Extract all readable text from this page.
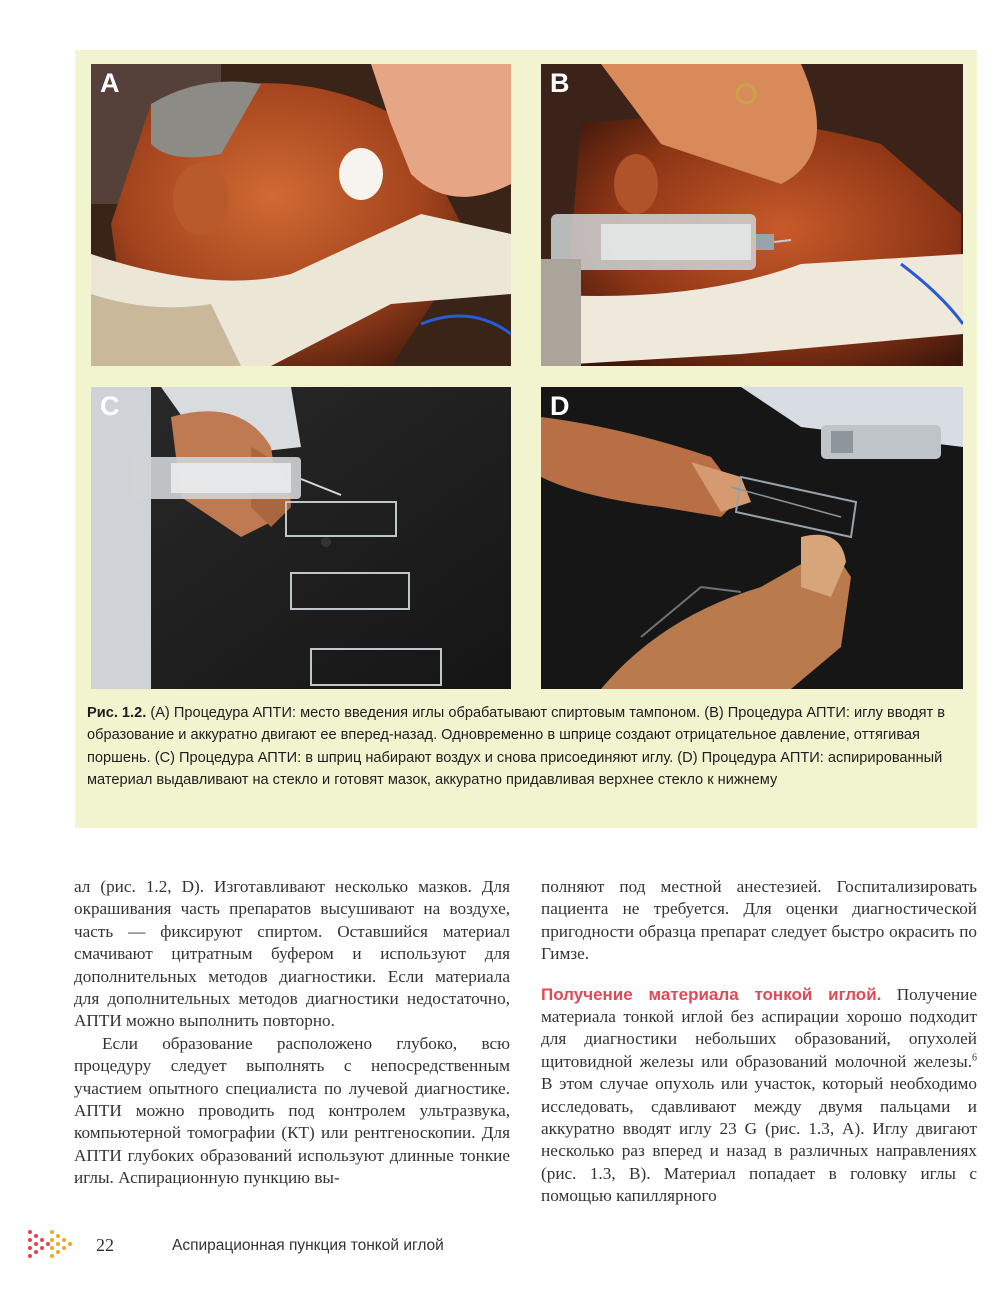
A	B
C	D
Рис. 1.2. (А) Процедура АПТИ: место введения иглы обрабатывают спиртовым тампоном. (В) Процедура АПТИ: иглу вводят в образование и аккуратно двигают ее вперед-назад. Одновременно в шприце создают отрицательное давление, оттягивая поршень. (С) Процедура АПТИ: в шприц набирают воздух и снова присоединяют иглу. (D) Процедура АПТИ: аспирированный материал выдавливают на стекло и готовят мазок, аккуратно придавливая верхнее стекло к нижнему

ал (рис. 1.2, D). Изготавливают несколько мазков. Для окрашивания часть препаратов высушивают на воздухе, часть — фиксируют спиртом. Оставшийся материал смачивают цитратным буфером и используют для дополнительных методов диагностики. Если материала для дополнительных методов диагностики недостаточно, АПТИ можно выполнить повторно.

Если образование расположено глубоко, всю процедуру следует выполнять с непосредственным участием опытного специалиста по лучевой диагностике. АПТИ можно проводить под контролем ультразвука, компьютерной томографии (КТ) или рентгеноскопии. Для АПТИ глубоких образований используют длинные тонкие иглы. Аспирационную пункцию вы-

полняют под местной анестезией. Госпитализировать пациента не требуется. Для оценки диагностической пригодности образца препарат следует быстро окрасить по Гимзе.

Получение материала тонкой иглой. Получение материала тонкой иглой без аспирации хорошо подходит для диагностики небольших образований, опухолей щитовидной железы или образований молочной железы.$^6$ В этом случае опухоль или участок, который необходимо исследовать, сдавливают между двумя пальцами и аккуратно вводят иглу 23 G (рис. 1.3, А). Иглу двигают несколько раз вперед и назад в различных направлениях (рис. 1.3, В). Материал попадает в головку иглы с помощью капиллярного

22	Аспирационная пункция тонкой иглой
